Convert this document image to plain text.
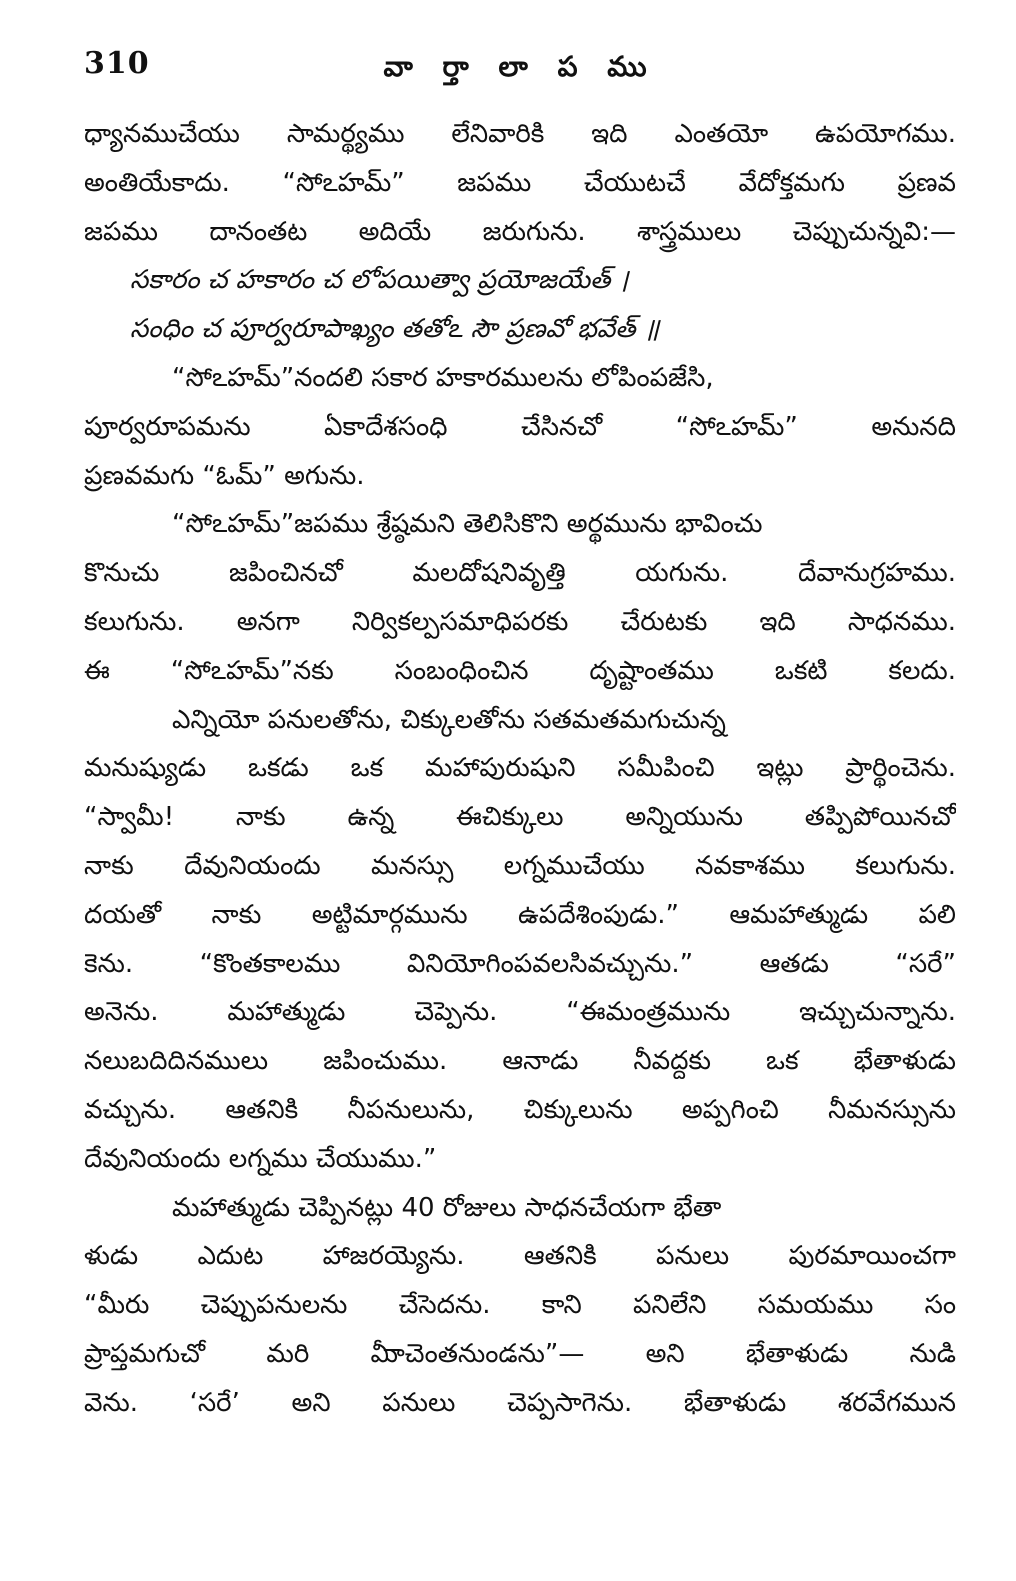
310	వా ర్తా లా ప ము
ధ్యానముచేయు సామర్థ్యము లేనివారికి ఇది ఎంతయో ఉపయోగము.
అంతియేకాదు. “సోఽహమ్” జపము చేయుటచే వేదోక్తమగు ప్రణవ
జపము దానంతట అదియే జరుగును. శాస్త్రములు చెప్పుచున్నవి:—
సకారం చ హకారం చ లోపయిత్వా ప్రయోజయేత్ ।
సంధిం చ పూర్వరూపాఖ్యం తతోఽ సౌ ప్రణవో భవేత్ ॥
“సోఽహమ్”నందలి సకార హకారములను లోపింపజేసి,
పూర్వరూపమను ఏకాదేశసంధి చేసినచో “సోఽహమ్” అనునది
ప్రణవమగు “ఓమ్” అగును.
“సోఽహమ్”జపము శ్రేష్ఠమని తెలిసికొని అర్థమును భావించు
కొనుచు జపించినచో మలదోషనివృత్తి యగును. దేవానుగ్రహము.
కలుగును. అనగా నిర్వికల్పసమాధిపరకు చేరుటకు ఇది సాధనము.
ఈ “సోఽహమ్”నకు సంబంధించిన దృష్టాంతము ఒకటి కలదు.
ఎన్నియో పనులతోను, చిక్కులతోను సతమతమగుచున్న
మనుష్యుడు ఒకడు ఒక మహాపురుషుని సమీపించి ఇట్లు ప్రార్థించెను.
“స్వామీ! నాకు ఉన్న ఈచిక్కులు అన్నియును తప్పిపోయినచో
నాకు దేవునియందు మనస్సు లగ్నముచేయు నవకాశము కలుగును.
దయతో నాకు అట్టిమార్గమును ఉపదేశింపుడు.” ఆమహాత్ముడు పలి
కెను. “కొంతకాలము వినియోగింపవలసివచ్చును.” ఆతడు “సరే”
అనెను. మహాత్ముడు చెప్పెను. “ఈమంత్రమును ఇచ్చుచున్నాను.
నలుబదిదినములు జపించుము. ఆనాడు నీవద్దకు ఒక భేతాళుడు
వచ్చును. ఆతనికి నీపనులును, చిక్కులును అప్పగించి నీమనస్సును
దేవునియందు లగ్నము చేయుము.”
మహాత్ముడు చెప్పినట్లు 40 రోజులు సాధనచేయగా భేతా
ళుడు ఎదుట హాజరయ్యెను. ఆతనికి పనులు పురమాయించగా
“మీరు చెప్పుపనులను చేసెదను. కాని పనిలేని సమయము సం
ప్రాప్తమగుచో మరి మీాచెంతనుండను”— అని భేతాళుడు నుడి
వెను. ‘సరే’ అని పనులు చెప్పసాగెను. భేతాళుడు శరవేగమున
